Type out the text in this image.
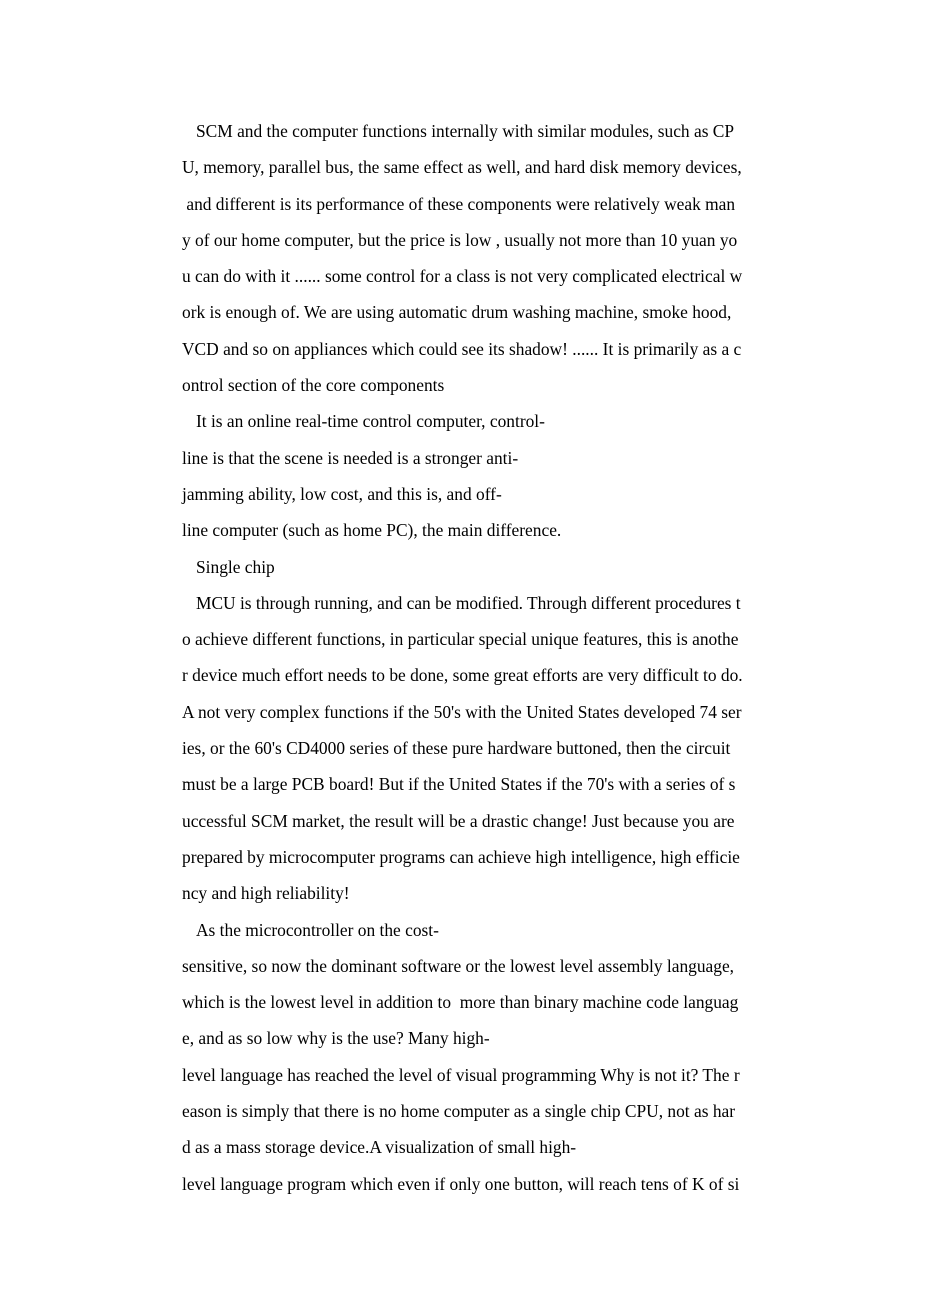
SCM and the computer functions internally with similar modules, such as CP
U, memory, parallel bus, the same effect as well, and hard disk memory devices,
and different is its performance of these components were relatively weak man
y of our home computer, but the price is low , usually not more than 10 yuan yo
u can do with it ...... some control for a class is not very complicated electrical w
ork is enough of. We are using automatic drum washing machine, smoke hood,
VCD and so on appliances which could see its shadow! ...... It is primarily as a c
ontrol section of the core components
It is an online real-time control computer, control-
line is that the scene is needed is a stronger anti-
jamming ability, low cost, and this is, and off-
line computer (such as home PC), the main difference.
Single chip
MCU is through running, and can be modified. Through different procedures t
o achieve different functions, in particular special unique features, this is anothe
r device much effort needs to be done, some great efforts are very difficult to do.
A not very complex functions if the 50's with the United States developed 74 ser
ies, or the 60's CD4000 series of these pure hardware buttoned, then the circuit
must be a large PCB board! But if the United States if the 70's with a series of s
uccessful SCM market, the result will be a drastic change! Just because you are
prepared by microcomputer programs can achieve high intelligence, high efficie
ncy and high reliability!
As the microcontroller on the cost-
sensitive, so now the dominant software or the lowest level assembly language,
which is the lowest level in addition to  more than binary machine code languag
e, and as so low why is the use? Many high-
level language has reached the level of visual programming Why is not it? The r
eason is simply that there is no home computer as a single chip CPU, not as har
d as a mass storage device.A visualization of small high-
level language program which even if only one button, will reach tens of K of si
